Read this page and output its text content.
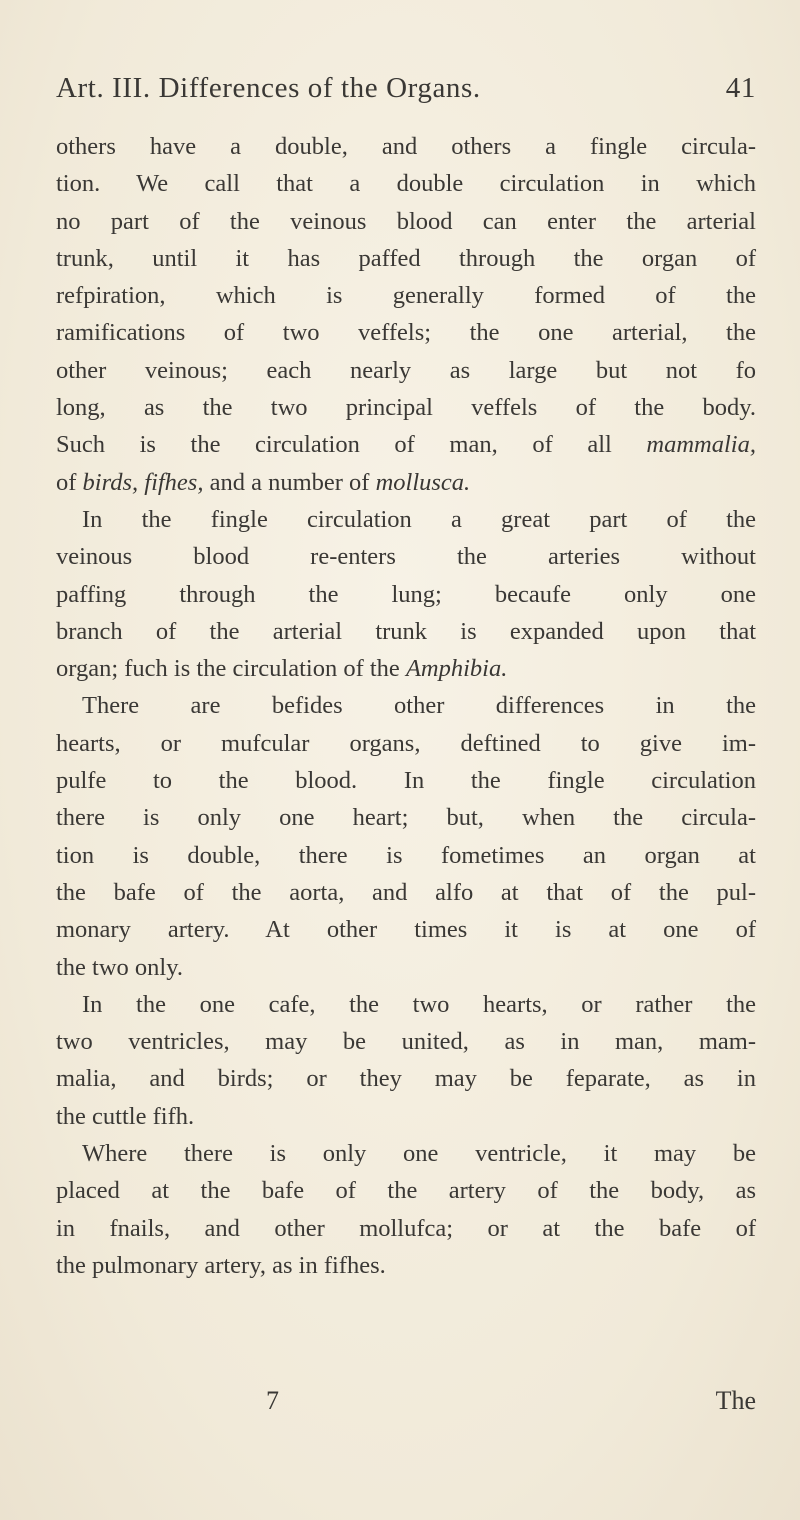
Art. III. Differences of the Organs.	41
others have a double, and others a fingle circula-
tion. We call that a double circulation in which
no part of the veinous blood can enter the arterial
trunk, until it has paffed through the organ of
refpiration, which is generally formed of the
ramifications of two veffels; the one arterial, the
other veinous; each nearly as large but not fo
long, as the two principal veffels of the body.
Such is the circulation of man, of all mammalia,
of birds, fifhes, and a number of mollusca.
In the fingle circulation a great part of the
veinous blood re-enters the arteries without
paffing through the lung; becaufe only one
branch of the arterial trunk is expanded upon that
organ; fuch is the circulation of the Amphibia.
There are befides other differences in the
hearts, or mufcular organs, deftined to give im-
pulfe to the blood. In the fingle circulation
there is only one heart; but, when the circula-
tion is double, there is fometimes an organ at
the bafe of the aorta, and alfo at that of the pul-
monary artery. At other times it is at one of
the two only.
In the one cafe, the two hearts, or rather the
two ventricles, may be united, as in man, mam-
malia, and birds; or they may be feparate, as in
the cuttle fifh.
Where there is only one ventricle, it may be
placed at the bafe of the artery of the body, as
in fnails, and other mollufca; or at the bafe of
the pulmonary artery, as in fifhes.
7	The
